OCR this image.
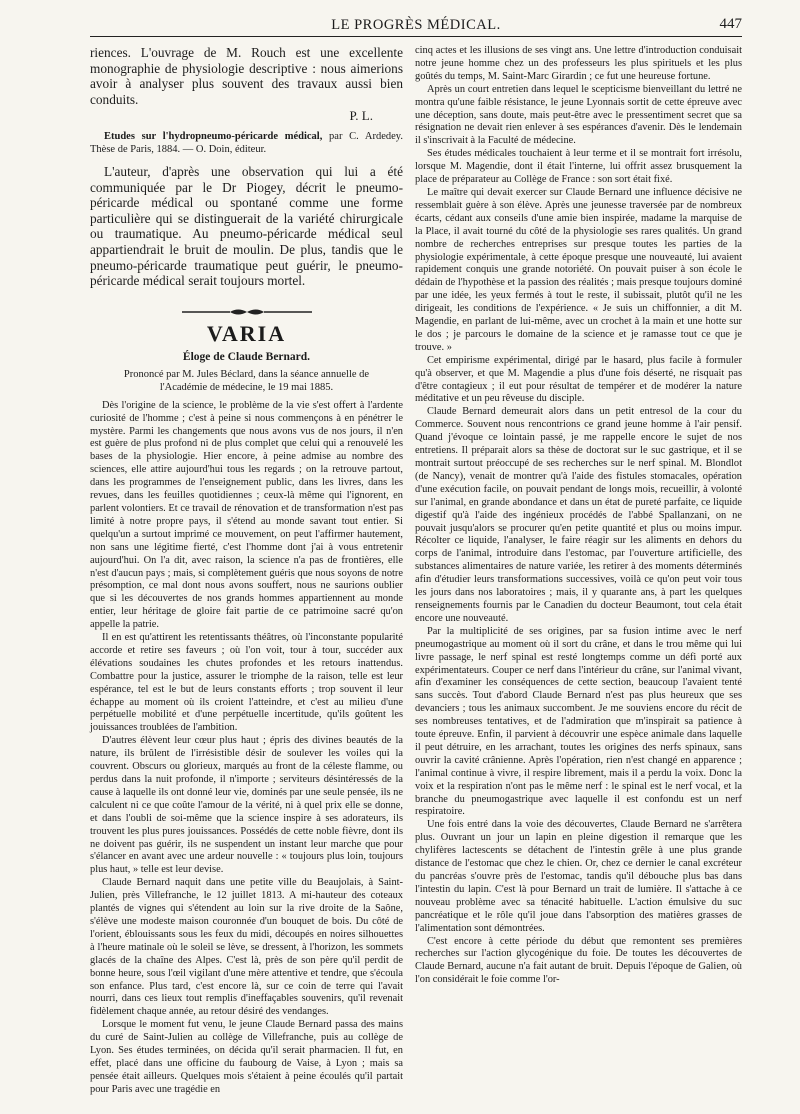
LE PROGRÈS MÉDICAL.	447

riences. L'ouvrage de M. Rouch est une excellente monographie de physiologie descriptive : nous aimerions avoir à analyser plus souvent des travaux aussi bien conduits.

P. L.

Etudes sur l'hydropneumo-péricarde médical, par C. Ardedey. Thèse de Paris, 1884. — O. Doin, éditeur.

L'auteur, d'après une observation qui lui a été communiquée par le Dr Piogey, décrit le pneumo-péricarde médical ou spontané comme une forme particulière qui se distinguerait de la variété chirurgicale ou traumatique. Au pneumo-péricarde médical seul appartiendrait le bruit de moulin. De plus, tandis que le pneumo-péricarde traumatique peut guérir, le pneumo-péricarde médical serait toujours mortel.

VARIA
Éloge de Claude Bernard.

Prononcé par M. Jules Béclard, dans la séance annuelle de l'Académie de médecine, le 19 mai 1885.

Dès l'origine de la science, le problème de la vie s'est offert à l'ardente curiosité de l'homme ; c'est à peine si nous commençons à en pénétrer le mystère. Parmi les changements que nous avons vus de nos jours, il n'en est guère de plus profond ni de plus complet que celui qui a renouvelé les bases de la physiologie. Hier encore, à peine admise au nombre des sciences, elle attire aujourd'hui tous les regards ; on la retrouve partout, dans les programmes de l'enseignement public, dans les livres, dans les revues, dans les feuilles quotidiennes ; ceux-là même qui l'ignorent, en parlent volontiers. Et ce travail de rénovation et de transformation n'est pas limité à notre propre pays, il s'étend au monde savant tout entier. Si quelqu'un a surtout imprimé ce mouvement, on peut l'affirmer hautement, non sans une légitime fierté, c'est l'homme dont j'ai à vous entretenir aujourd'hui. On l'a dit, avec raison, la science n'a pas de frontières, elle n'est d'aucun pays ; mais, si complètement guéris que nous soyons de notre présomption, ce mal dont nous avons souffert, nous ne saurions oublier que si les découvertes de nos grands hommes appartiennent au monde entier, leur héritage de gloire fait partie de ce patrimoine sacré qu'on appelle la patrie.

Il en est qu'attirent les retentissants théâtres, où l'inconstante popularité accorde et retire ses faveurs ; où l'on voit, tour à tour, succéder aux élévations soudaines les chutes profondes et les retours inattendus. Combattre pour la justice, assurer le triomphe de la raison, telle est leur espérance, tel est le but de leurs constants efforts ; trop souvent il leur échappe au moment où ils croient l'atteindre, et c'est au milieu d'une perpétuelle mobilité et d'une perpétuelle incertitude, qu'ils goûtent les jouissances troublées de l'ambition.

D'autres élèvent leur cœur plus haut ; épris des divines beautés de la nature, ils brûlent de l'irrésistible désir de soulever les voiles qui la couvrent. Obscurs ou glorieux, marqués au front de la céleste flamme, ou perdus dans la nuit profonde, il n'importe ; serviteurs désintéressés de la cause à laquelle ils ont donné leur vie, dominés par une seule pensée, ils ne calculent ni ce que coûte l'amour de la vérité, ni à quel prix elle se donne, et dans l'oubli de soi-même que la science inspire à ses adorateurs, ils trouvent les plus pures jouissances. Possédés de cette noble fièvre, dont ils ne doivent pas guérir, ils ne suspendent un instant leur marche que pour s'élancer en avant avec une ardeur nouvelle : « toujours plus loin, toujours plus haut, » telle est leur devise.

Claude Bernard naquit dans une petite ville du Beaujolais, à Saint-Julien, près Villefranche, le 12 juillet 1813. A mi-hauteur des coteaux plantés de vignes qui s'étendent au loin sur la rive droite de la Saône, s'élève une modeste maison couronnée d'un bouquet de bois. Du côté de l'orient, éblouissants sous les feux du midi, découpés en noires silhouettes à l'heure matinale où le soleil se lève, se dressent, à l'horizon, les sommets glacés de la chaîne des Alpes. C'est là, près de son père qu'il perdit de bonne heure, sous l'œil vigilant d'une mère attentive et tendre, que s'écoula son enfance. Plus tard, c'est encore là, sur ce coin de terre qui l'avait nourri, dans ces lieux tout remplis d'ineffaçables souvenirs, qu'il revenait fidèlement chaque année, au retour désiré des vendanges.

Lorsque le moment fut venu, le jeune Claude Bernard passa des mains du curé de Saint-Julien au collège de Villefranche, puis au collège de Lyon. Ses études terminées, on décida qu'il serait pharmacien. Il fut, en effet, placé dans une officine du faubourg de Vaise, à Lyon ; mais sa pensée était ailleurs. Quelques mois s'étaient à peine écoulés qu'il partait pour Paris avec une tragédie en

cinq actes et les illusions de ses vingt ans. Une lettre d'introduction conduisait notre jeune homme chez un des professeurs les plus spirituels et les plus goûtés du temps, M. Saint-Marc Girardin ; ce fut une heureuse fortune.

Après un court entretien dans lequel le scepticisme bienveillant du lettré ne montra qu'une faible résistance, le jeune Lyonnais sortit de cette épreuve avec une déception, sans doute, mais peut-être avec le pressentiment secret que sa résignation ne devait rien enlever à ses espérances d'avenir. Dès le lendemain il s'inscrivait à la Faculté de médecine.

Ses études médicales touchaient à leur terme et il se montrait fort irrésolu, lorsque M. Magendie, dont il était l'interne, lui offrit assez brusquement la place de préparateur au Collège de France : son sort était fixé.

Le maître qui devait exercer sur Claude Bernard une influence décisive ne ressemblait guère à son élève. Après une jeunesse traversée par de nombreux écarts, cédant aux conseils d'une amie bien inspirée, madame la marquise de la Place, il avait tourné du côté de la physiologie ses rares qualités. Un grand nombre de recherches entreprises sur presque toutes les parties de la physiologie expérimentale, à cette époque presque une nouveauté, lui avaient rapidement conquis une grande notoriété. On pouvait puiser à son école le dédain de l'hypothèse et la passion des réalités ; mais presque toujours dominé par une idée, les yeux fermés à tout le reste, il subissait, plutôt qu'il ne les dirigeait, les conditions de l'expérience. « Je suis un chiffonnier, a dit M. Magendie, en parlant de lui-même, avec un crochet à la main et une hotte sur le dos ; je parcours le domaine de la science et je ramasse tout ce que je trouve. »

Cet empirisme expérimental, dirigé par le hasard, plus facile à formuler qu'à observer, et que M. Magendie a plus d'une fois déserté, ne risquait pas d'être contagieux ; il eut pour résultat de tempérer et de modérer la nature méditative et un peu rêveuse du disciple.

Claude Bernard demeurait alors dans un petit entresol de la cour du Commerce. Souvent nous rencontrions ce grand jeune homme à l'air pensif. Quand j'évoque ce lointain passé, je me rappelle encore le sujet de nos entretiens. Il préparait alors sa thèse de doctorat sur le suc gastrique, et il se montrait surtout préoccupé de ses recherches sur le nerf spinal. M. Blondlot (de Nancy), venait de montrer qu'à l'aide des fistules stomacales, opération d'une exécution facile, on pouvait pendant de longs mois, recueillir, à volonté sur l'animal, en grande abondance et dans un état de pureté parfaite, ce liquide digestif qu'à l'aide des ingénieux procédés de l'abbé Spallanzani, on ne pouvait jusqu'alors se procurer qu'en petite quantité et plus ou moins impur. Récolter ce liquide, l'analyser, le faire réagir sur les aliments en dehors du corps de l'animal, introduire dans l'estomac, par l'ouverture artificielle, des substances alimentaires de nature variée, les retirer à des moments déterminés afin d'étudier leurs transformations successives, voilà ce qu'on peut voir tous les jours dans nos laboratoires ; mais, il y quarante ans, à part les quelques renseignements fournis par le Canadien du docteur Beaumont, tout cela était encore une nouveauté.

Par la multiplicité de ses origines, par sa fusion intime avec le nerf pneumogastrique au moment où il sort du crâne, et dans le trou même qui lui livre passage, le nerf spinal est resté longtemps comme un défi porté aux expérimentateurs. Couper ce nerf dans l'intérieur du crâne, sur l'animal vivant, afin d'examiner les conséquences de cette section, beaucoup l'avaient tenté sans succès. Tout d'abord Claude Bernard n'est pas plus heureux que ses devanciers ; tous les animaux succombent. Je me souviens encore du récit de ses nombreuses tentatives, et de l'admiration que m'inspirait sa patience à toute épreuve. Enfin, il parvient à découvrir une espèce animale dans laquelle il peut détruire, en les arrachant, toutes les origines des nerfs spinaux, sans ouvrir la cavité crânienne. Après l'opération, rien n'est changé en apparence ; l'animal continue à vivre, il respire librement, mais il a perdu la voix. Donc la voix et la respiration n'ont pas le même nerf : le spinal est le nerf vocal, et la branche du pneumogastrique avec laquelle il est confondu est un nerf respiratoire.

Une fois entré dans la voie des découvertes, Claude Bernard ne s'arrêtera plus. Ouvrant un jour un lapin en pleine digestion il remarque que les chylifères lactescents se détachent de l'intestin grêle à une plus grande distance de l'estomac que chez le chien. Or, chez ce dernier le canal excréteur du pancréas s'ouvre près de l'estomac, tandis qu'il débouche plus bas dans l'intestin du lapin. C'est là pour Bernard un trait de lumière. Il s'attache à ce nouveau problème avec sa ténacité habituelle. L'action émulsive du suc pancréatique et le rôle qu'il joue dans l'absorption des matières grasses de l'alimentation sont démontrées.

C'est encore à cette période du début que remontent ses premières recherches sur l'action glycogénique du foie. De toutes les découvertes de Claude Bernard, aucune n'a fait autant de bruit. Depuis l'époque de Galien, où l'on considérait le foie comme l'or-
